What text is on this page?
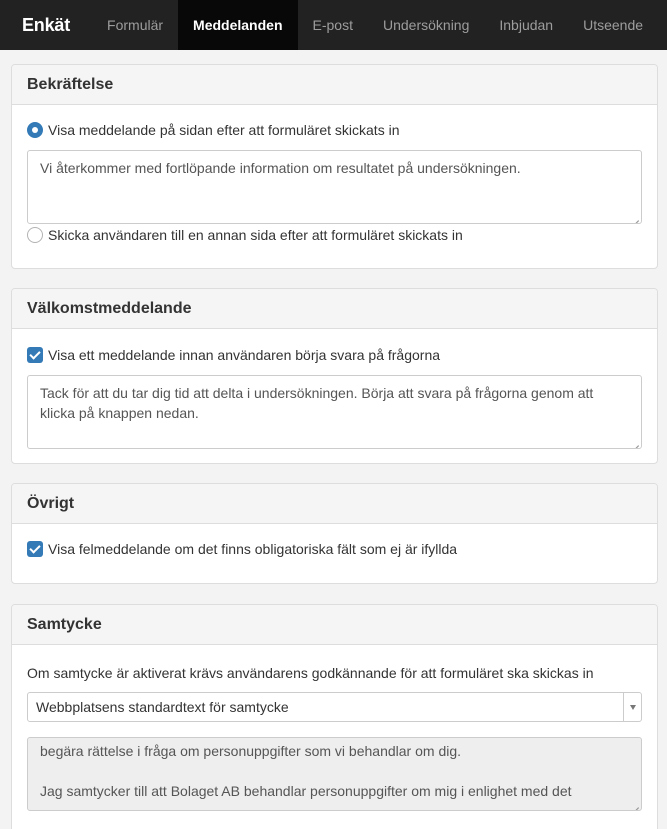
Enkät	Formulär	Meddelanden	E-post	Undersökning	Inbjudan	Utseende
Bekräftelse
Visa meddelande på sidan efter att formuläret skickats in
Vi återkommer med fortlöpande information om resultatet på undersökningen.
Skicka användaren till en annan sida efter att formuläret skickats in
Välkomstmeddelande
Visa ett meddelande innan användaren börja svara på frågorna
Tack för att du tar dig tid att delta i undersökningen. Börja att svara på frågorna genom att klicka på knappen nedan.
Övrigt
Visa felmeddelande om det finns obligatoriska fält som ej är ifyllda
Samtycke
Om samtycke är aktiverat krävs användarens godkännande för att formuläret ska skickas in
Webbplatsens standardtext för samtycke
begära rättelse i fråga om personuppgifter som vi behandlar om dig.
Jag samtycker till att Bolaget AB behandlar personuppgifter om mig i enlighet med det
